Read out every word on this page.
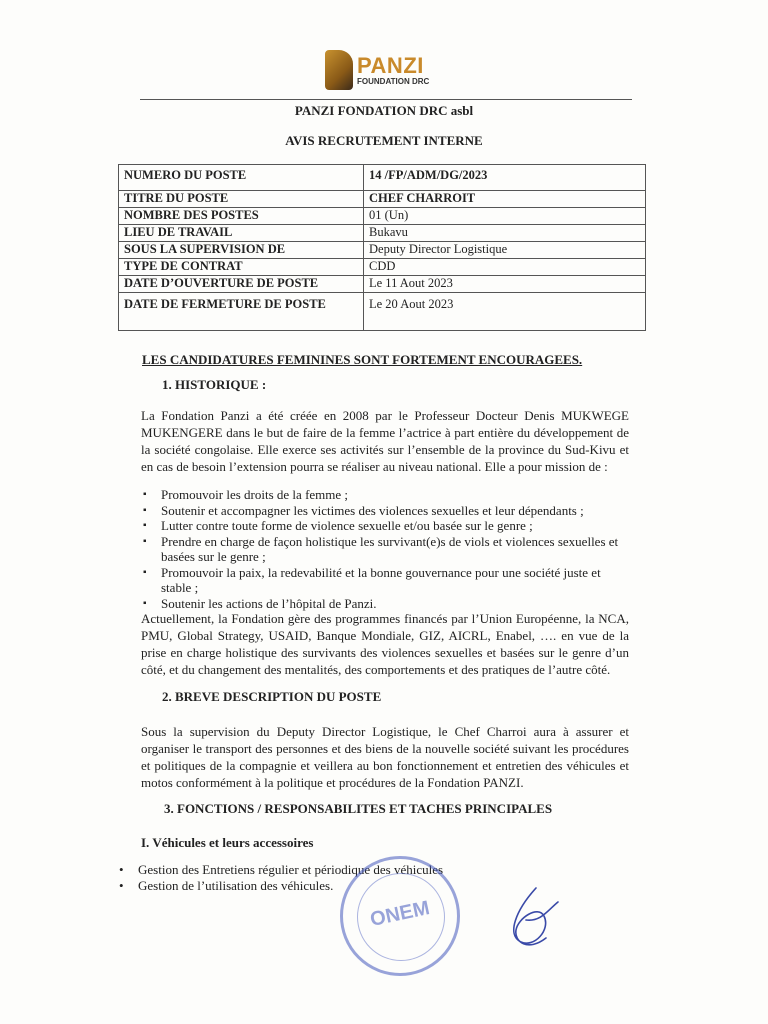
PANZI
FOUNDATION DRC
PANZI FONDATION DRC asbl
AVIS RECRUTEMENT INTERNE
NUMERO DU POSTE	14 /FP/ADM/DG/2023
TITRE DU POSTE	CHEF CHARROIT
NOMBRE DES POSTES	01 (Un)
LIEU DE TRAVAIL	Bukavu
SOUS LA SUPERVISION DE	Deputy Director Logistique
TYPE DE CONTRAT	CDD
DATE D’OUVERTURE DE POSTE	Le 11 Aout 2023
DATE DE FERMETURE DE POSTE	Le 20 Aout 2023
LES CANDIDATURES FEMININES SONT FORTEMENT ENCOURAGEES.
1. HISTORIQUE :
La Fondation Panzi a été créée en 2008 par le Professeur Docteur Denis MUKWEGE MUKENGERE dans le but de faire de la femme l’actrice à part entière du développement de la société congolaise. Elle exerce ses activités sur l’ensemble de la province du Sud-Kivu et en cas de besoin l’extension pourra se réaliser au niveau national. Elle a pour mission de :
▪ Promouvoir les droits de la femme ;
▪ Soutenir et accompagner les victimes des violences sexuelles et leur dépendants ;
▪ Lutter contre toute forme de violence sexuelle et/ou basée sur le genre ;
▪ Prendre en charge de façon holistique les survivant(e)s de viols et violences sexuelles et basées sur le genre ;
▪ Promouvoir la paix, la redevabilité et la bonne gouvernance pour une société juste et stable ;
▪ Soutenir les actions de l’hôpital de Panzi.
Actuellement, la Fondation gère des programmes financés par l’Union Européenne, la NCA, PMU, Global Strategy, USAID, Banque Mondiale, GIZ, AICRL, Enabel, …. en vue de la prise en charge holistique des survivants des violences sexuelles et basées sur le genre d’un côté, et du changement des mentalités, des comportements et des pratiques de l’autre côté.
2. BREVE DESCRIPTION DU POSTE
Sous la supervision du Deputy Director Logistique, le Chef Charroi aura à assurer et organiser le transport des personnes et des biens de la nouvelle société suivant les procédures et politiques de la compagnie et veillera au bon fonctionnement et entretien des véhicules et motos conformément à la politique et procédures de la Fondation PANZI.
3. FONCTIONS / RESPONSABILITES ET TACHES PRINCIPALES
I. Véhicules et leurs accessoires
• Gestion des Entretiens régulier et périodique des véhicules
• Gestion de l’utilisation des véhicules.
ONEM
